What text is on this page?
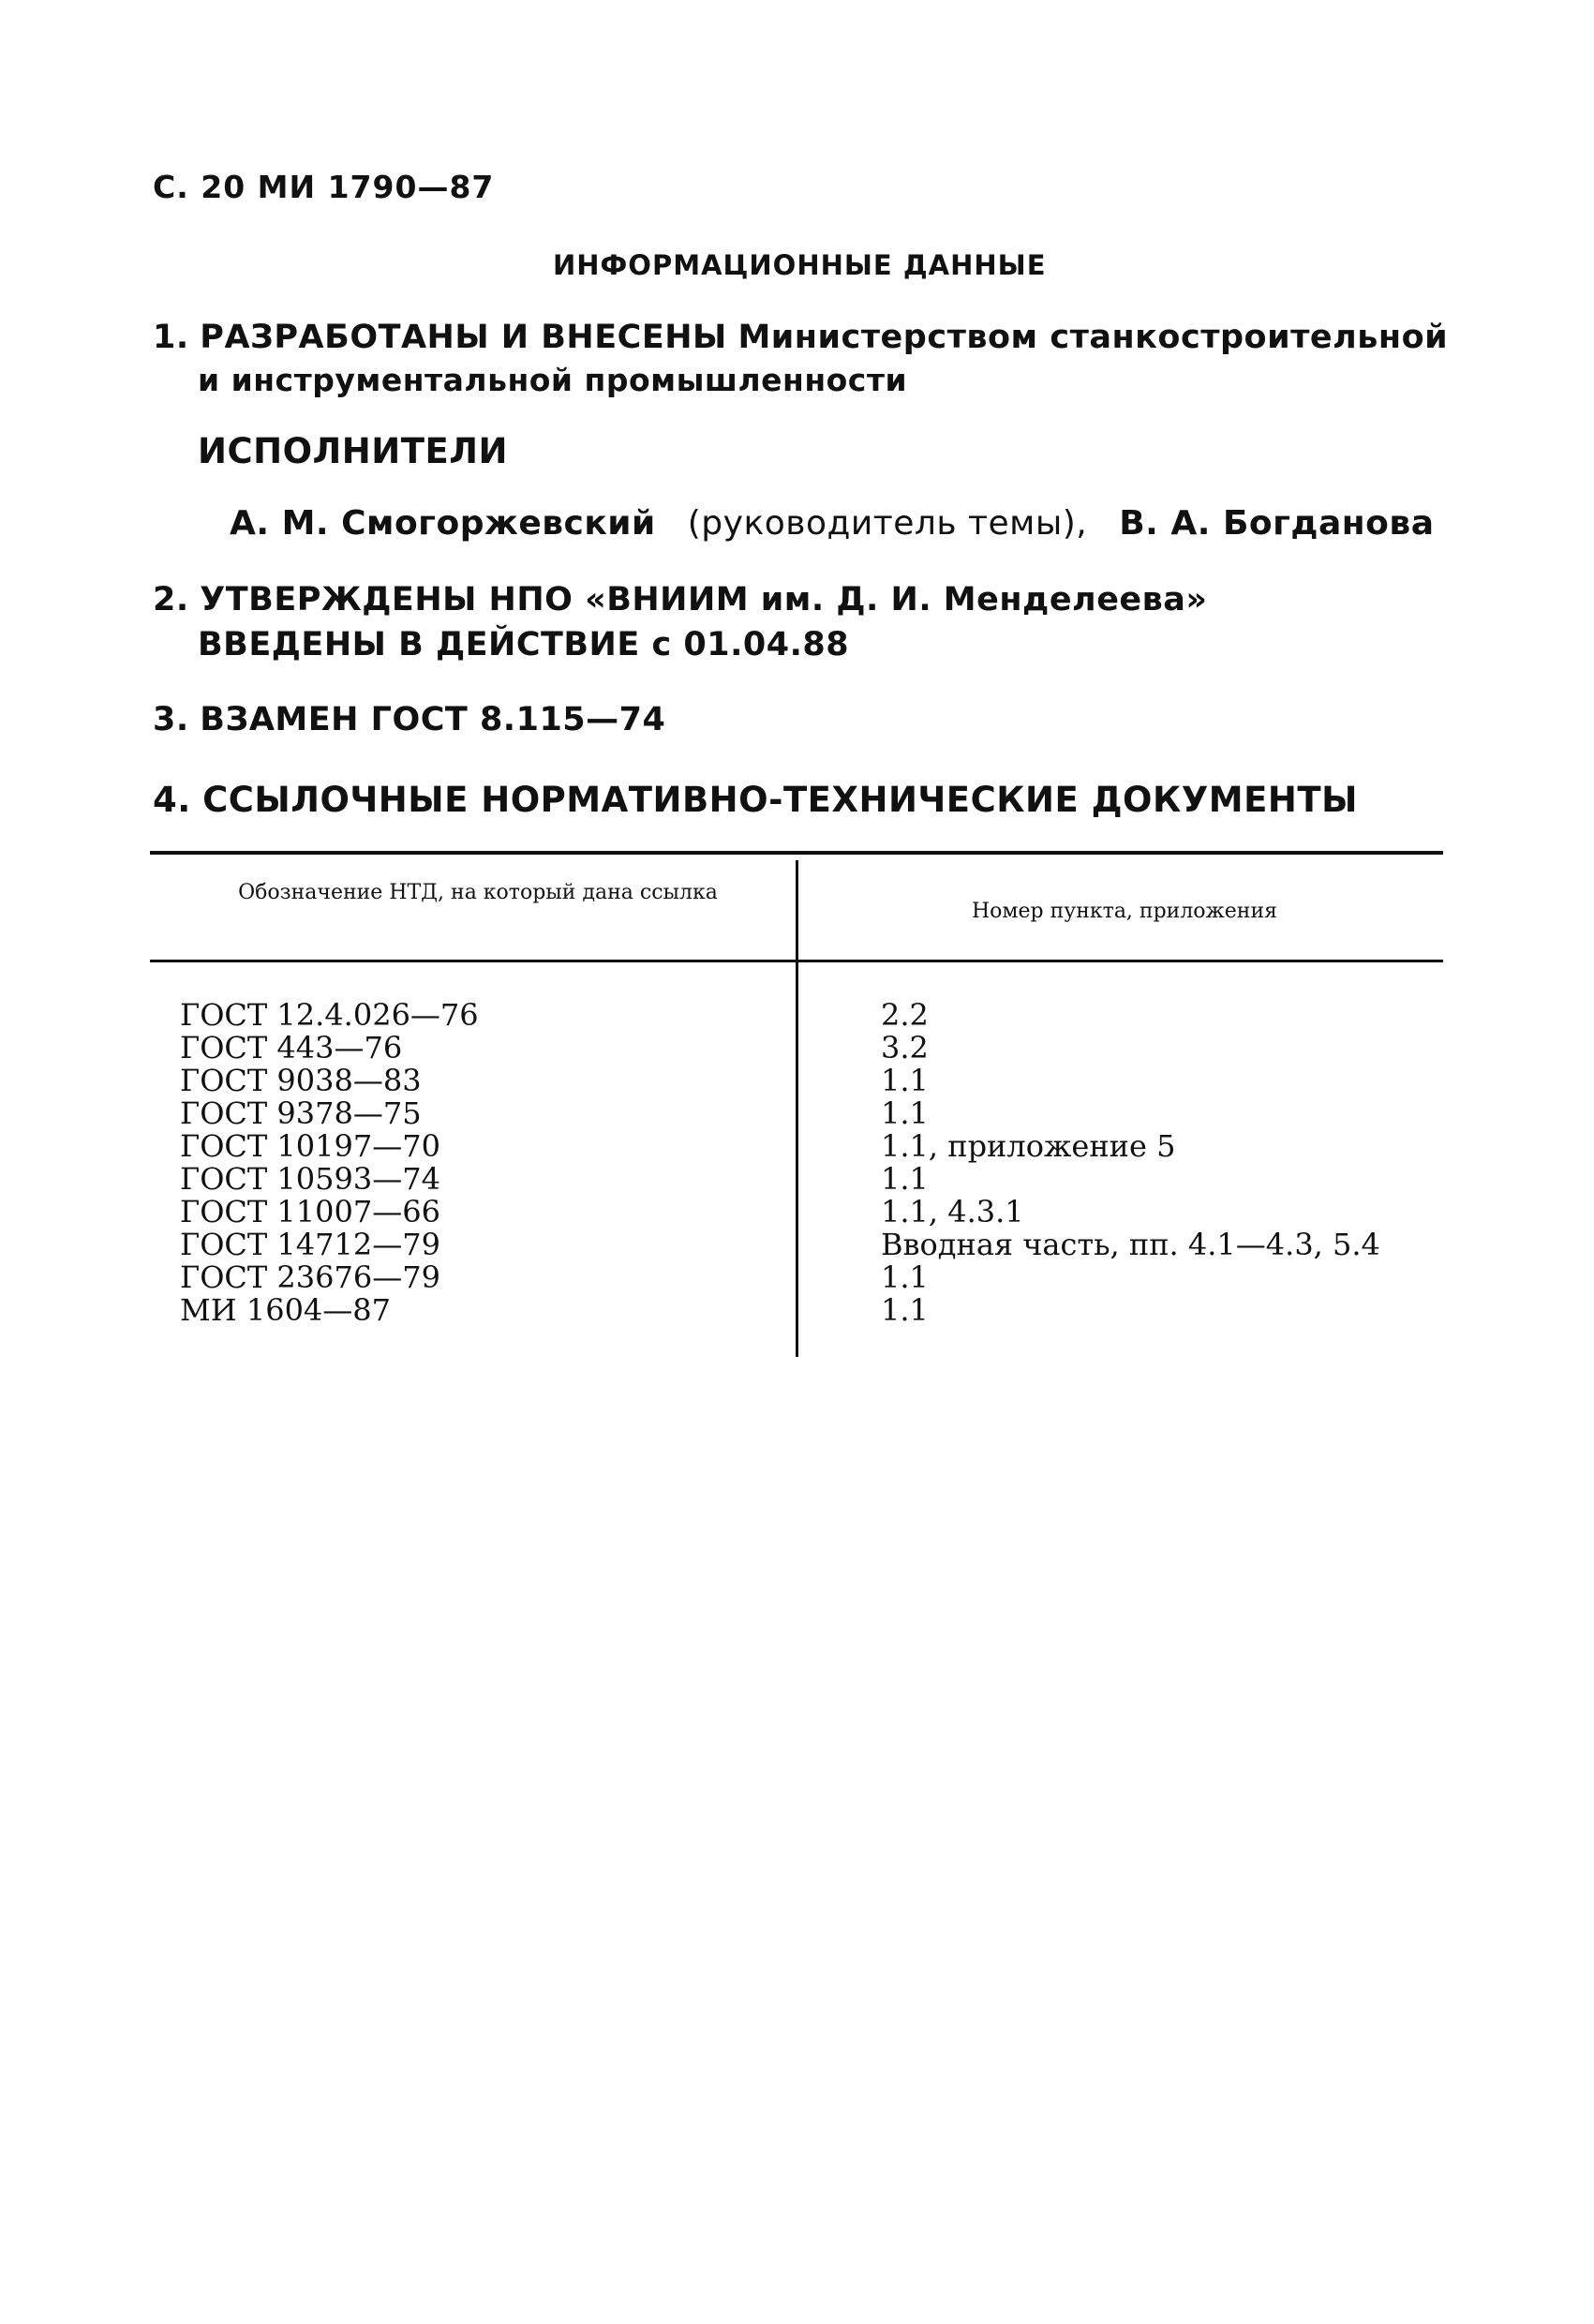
С. 20 МИ 1790—87
ИНФОРМАЦИОННЫЕ ДАННЫЕ
1. РАЗРАБОТАНЫ И ВНЕСЕНЫ Министерством станкостроительной
и инструментальной промышленности
ИСПОЛНИТЕЛИ
А. М. Смогоржевский (руководитель темы), В. А. Богданова
2. УТВЕРЖДЕНЫ НПО «ВНИИМ им. Д. И. Менделеева»
ВВЕДЕНЫ В ДЕЙСТВИЕ с 01.04.88
3. ВЗАМЕН ГОСТ 8.115—74
4. ССЫЛОЧНЫЕ НОРМАТИВНО-ТЕХНИЧЕСКИЕ ДОКУМЕНТЫ
Обозначение НТД, на который дана ссылка
Номер пункта, приложения
ГОСТ 12.4.026—76
ГОСТ 443—76
ГОСТ 9038—83
ГОСТ 9378—75
ГОСТ 10197—70
ГОСТ 10593—74
ГОСТ 11007—66
ГОСТ 14712—79
ГОСТ 23676—79
МИ 1604—87
2.2
3.2
1.1
1.1
1.1, приложение 5
1.1
1.1, 4.3.1
Вводная часть, пп. 4.1—4.3, 5.4
1.1
1.1
